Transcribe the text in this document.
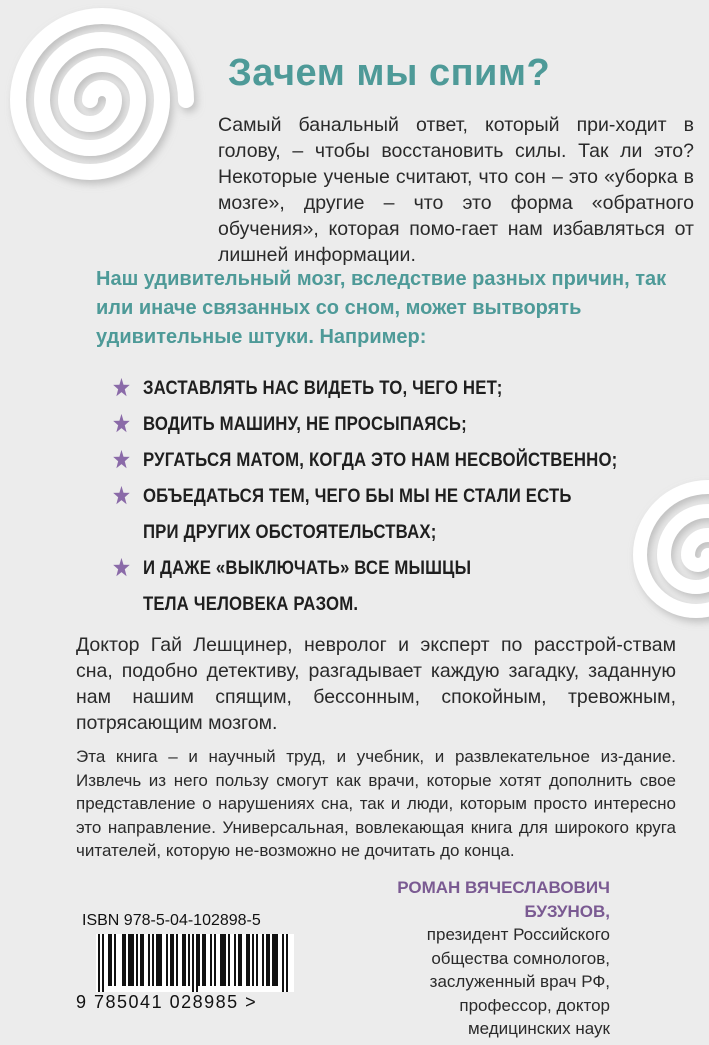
Зачем мы спим?
Самый банальный ответ, который при-ходит в голову, – чтобы восстановить силы. Так ли это? Некоторые ученые считают, что сон – это «уборка в мозге», другие – что это форма «обратного обучения», которая помо-гает нам избавляться от лишней информации.
Наш удивительный мозг, вследствие разных причин, так или иначе связанных со сном, может вытворять удивительные штуки. Например:
ЗАСТАВЛЯТЬ НАС ВИДЕТЬ ТО, ЧЕГО НЕТ;
ВОДИТЬ МАШИНУ, НЕ ПРОСЫПАЯСЬ;
РУГАТЬСЯ МАТОМ, КОГДА ЭТО НАМ НЕСВОЙСТВЕННО;
ОБЪЕДАТЬСЯ ТЕМ, ЧЕГО БЫ МЫ НЕ СТАЛИ ЕСТЬ ПРИ ДРУГИХ ОБСТОЯТЕЛЬСТВАХ;
И ДАЖЕ «ВЫКЛЮЧАТЬ» ВСЕ МЫШЦЫ ТЕЛА ЧЕЛОВЕКА РАЗОМ.
Доктор Гай Лешцинер, невролог и эксперт по расстрой-ствам сна, подобно детективу, разгадывает каждую загадку, заданную нам нашим спящим, бессонным, спокойным, тревожным, потрясающим мозгом.
Эта книга – и научный труд, и учебник, и развлекательное из-дание. Извлечь из него пользу смогут как врачи, которые хотят дополнить свое представление о нарушениях сна, так и люди, которым просто интересно это направление. Универсальная, вовлекающая книга для широкого круга читателей, которую не-возможно не дочитать до конца.
РОМАН ВЯЧЕСЛАВОВИЧ БУЗУНОВ,
президент Российского
общества сомнологов,
заслуженный врач РФ,
профессор, доктор
медицинских наук
ISBN 978-5-04-102898-5
9 785041 028985 >
